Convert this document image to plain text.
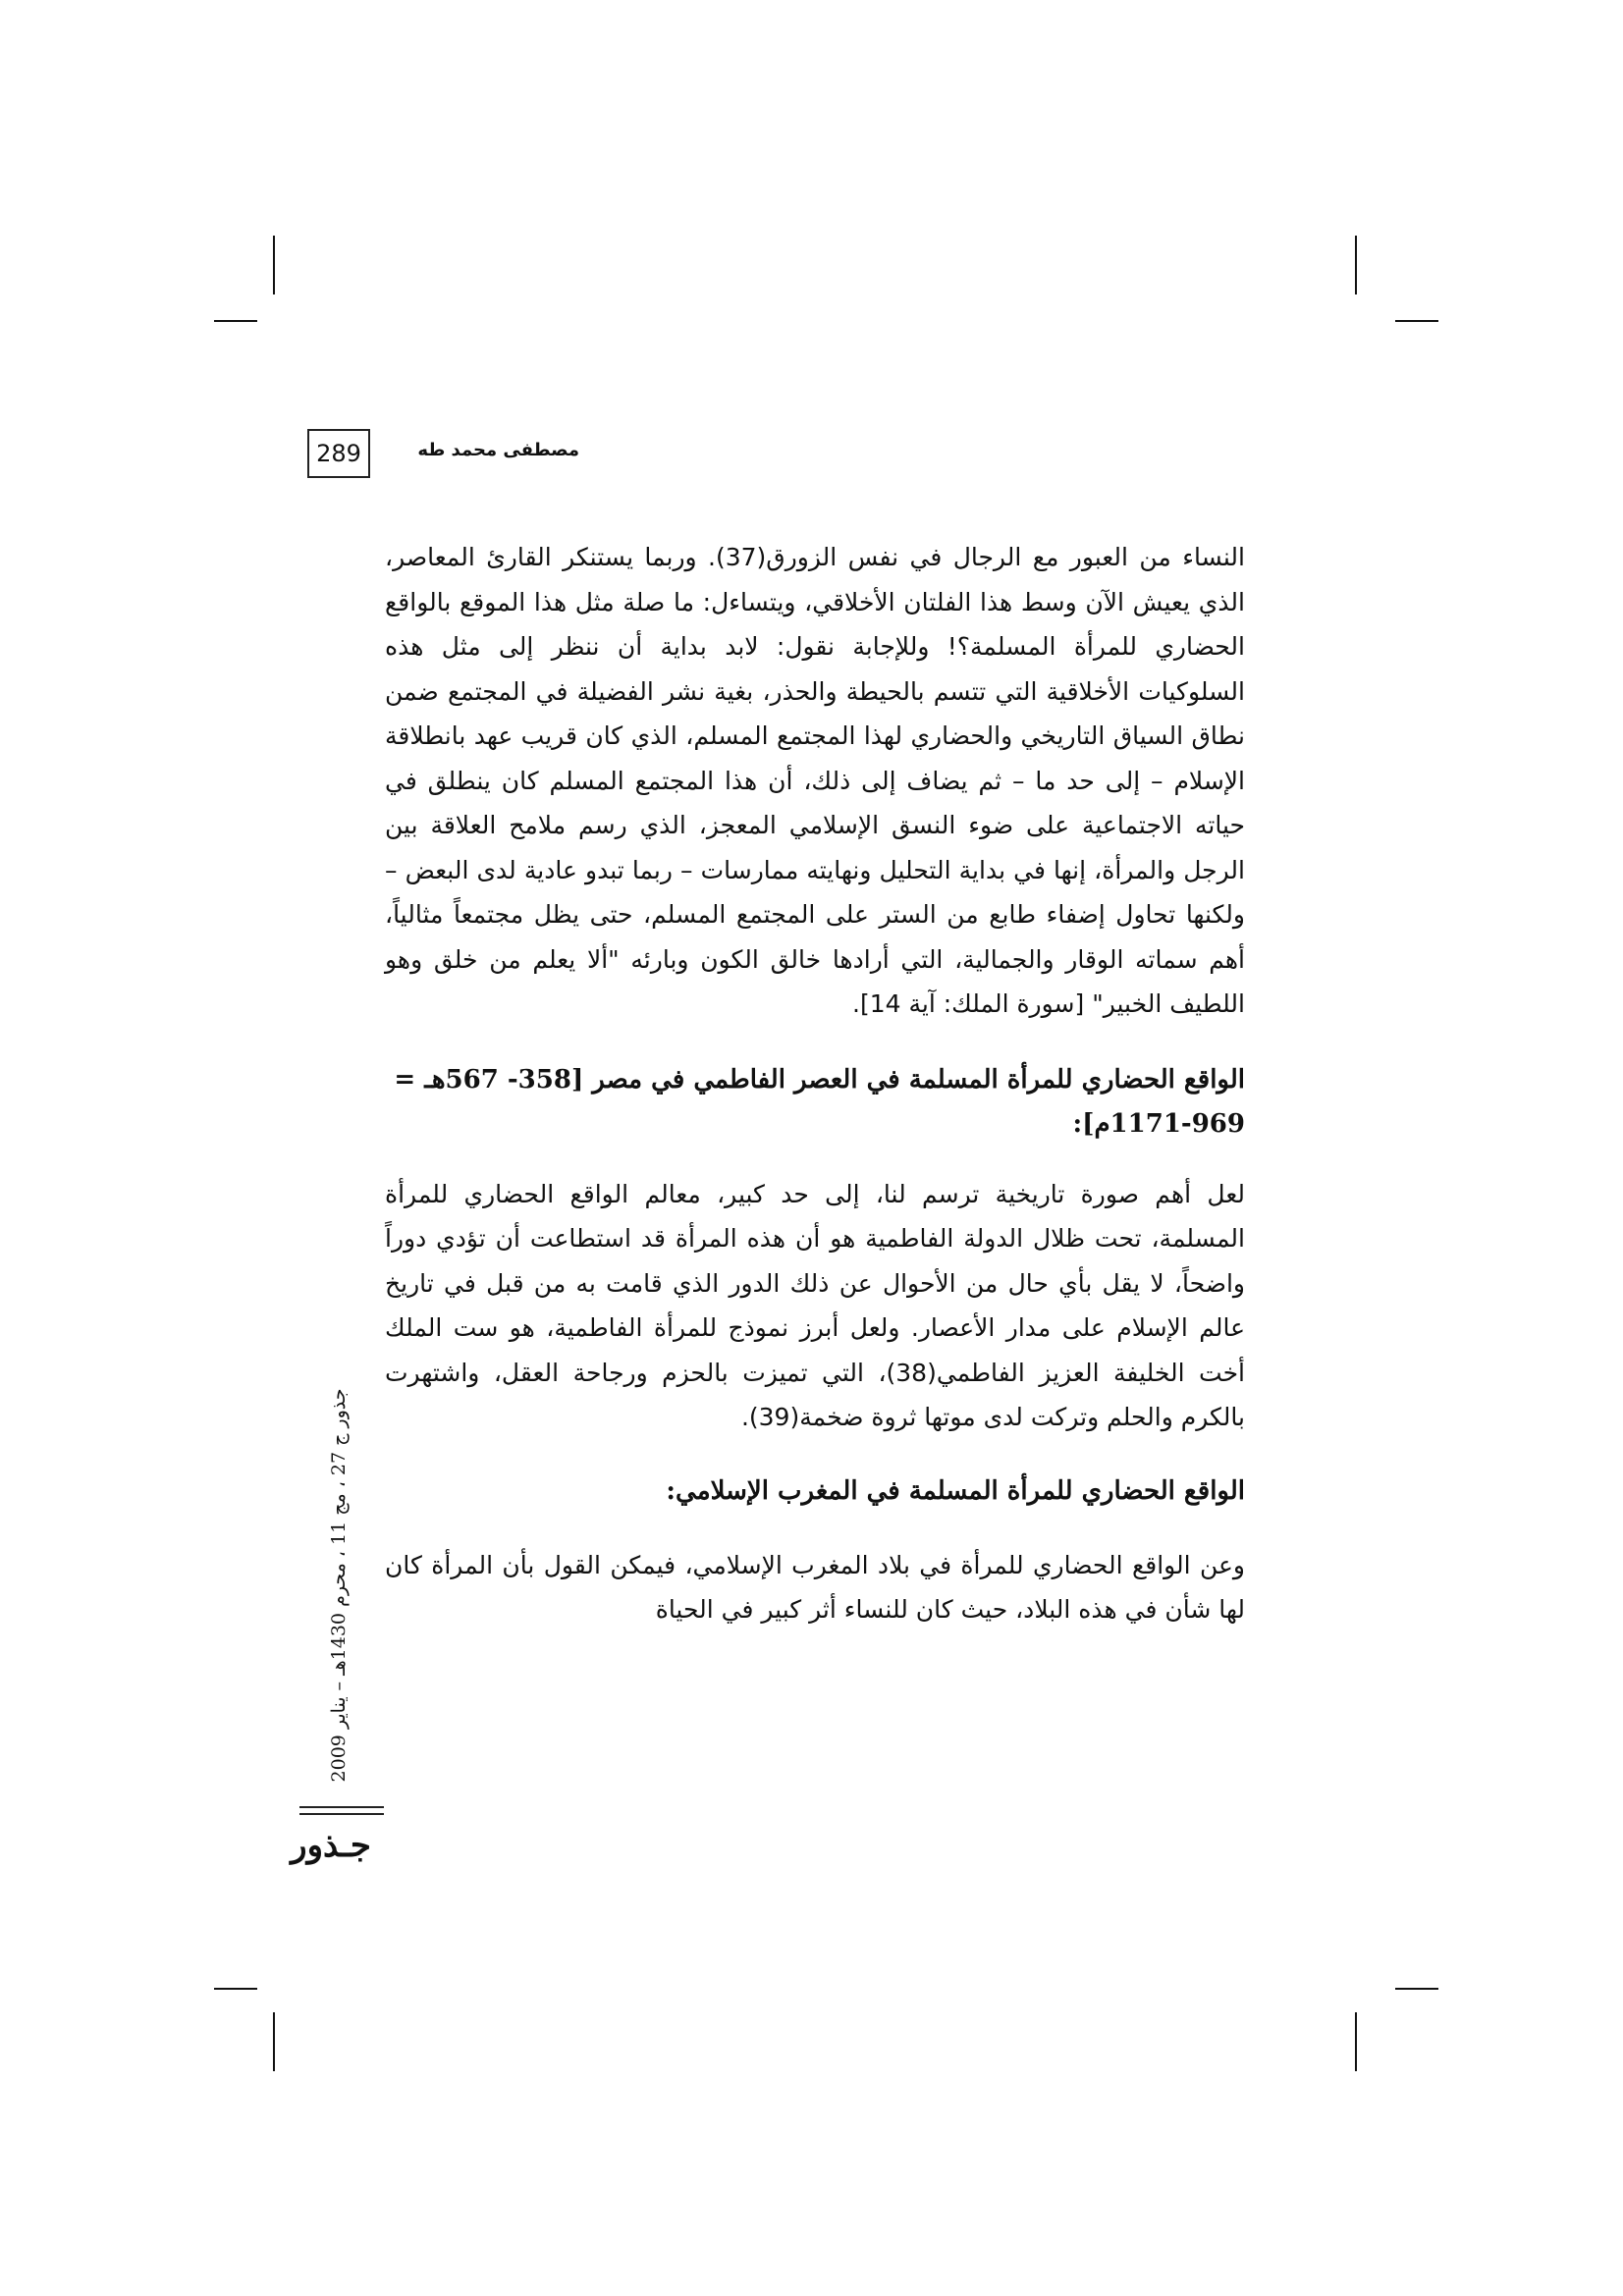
289	مصطفى محمد طه

النساء من العبور مع الرجال في نفس الزورق(37). وربما يستنكر القارئ المعاصر، الذي يعيش الآن وسط هذا الفلتان الأخلاقي، ويتساءل: ما صلة مثل هذا الموقع بالواقع الحضاري للمرأة المسلمة؟! وللإجابة نقول: لابد بداية أن ننظر إلى مثل هذه السلوكيات الأخلاقية التي تتسم بالحيطة والحذر، بغية نشر الفضيلة في المجتمع ضمن نطاق السياق التاريخي والحضاري لهذا المجتمع المسلم، الذي كان قريب عهد بانطلاقة الإسلام – إلى حد ما – ثم يضاف إلى ذلك، أن هذا المجتمع المسلم كان ينطلق في حياته الاجتماعية على ضوء النسق الإسلامي المعجز، الذي رسم ملامح العلاقة بين الرجل والمرأة، إنها في بداية التحليل ونهايته ممارسات – ربما تبدو عادية لدى البعض – ولكنها تحاول إضفاء طابع من الستر على المجتمع المسلم، حتى يظل مجتمعاً مثالياً، أهم سماته الوقار والجمالية، التي أرادها خالق الكون وبارئه "ألا يعلم من خلق وهو اللطيف الخبير" [سورة الملك: آية 14].

الواقع الحضاري للمرأة المسلمة في العصر الفاطمي في مصر [358- 567هـ = 969-1171م]:

لعل أهم صورة تاريخية ترسم لنا، إلى حد كبير، معالم الواقع الحضاري للمرأة المسلمة، تحت ظلال الدولة الفاطمية هو أن هذه المرأة قد استطاعت أن تؤدي دوراً واضحاً، لا يقل بأي حال من الأحوال عن ذلك الدور الذي قامت به من قبل في تاريخ عالم الإسلام على مدار الأعصار. ولعل أبرز نموذج للمرأة الفاطمية، هو ست الملك أخت الخليفة العزيز الفاطمي(38)، التي تميزت بالحزم ورجاحة العقل، واشتهرت بالكرم والحلم وتركت لدى موتها ثروة ضخمة(39).

الواقع الحضاري للمرأة المسلمة في المغرب الإسلامي:

وعن الواقع الحضاري للمرأة في بلاد المغرب الإسلامي، فيمكن القول بأن المرأة كان لها شأن في هذه البلاد، حيث كان للنساء أثر كبير في الحياة

جذور ج 27 ، مج 11 ، محرم 1430هـ – يناير 2009
جـذور
